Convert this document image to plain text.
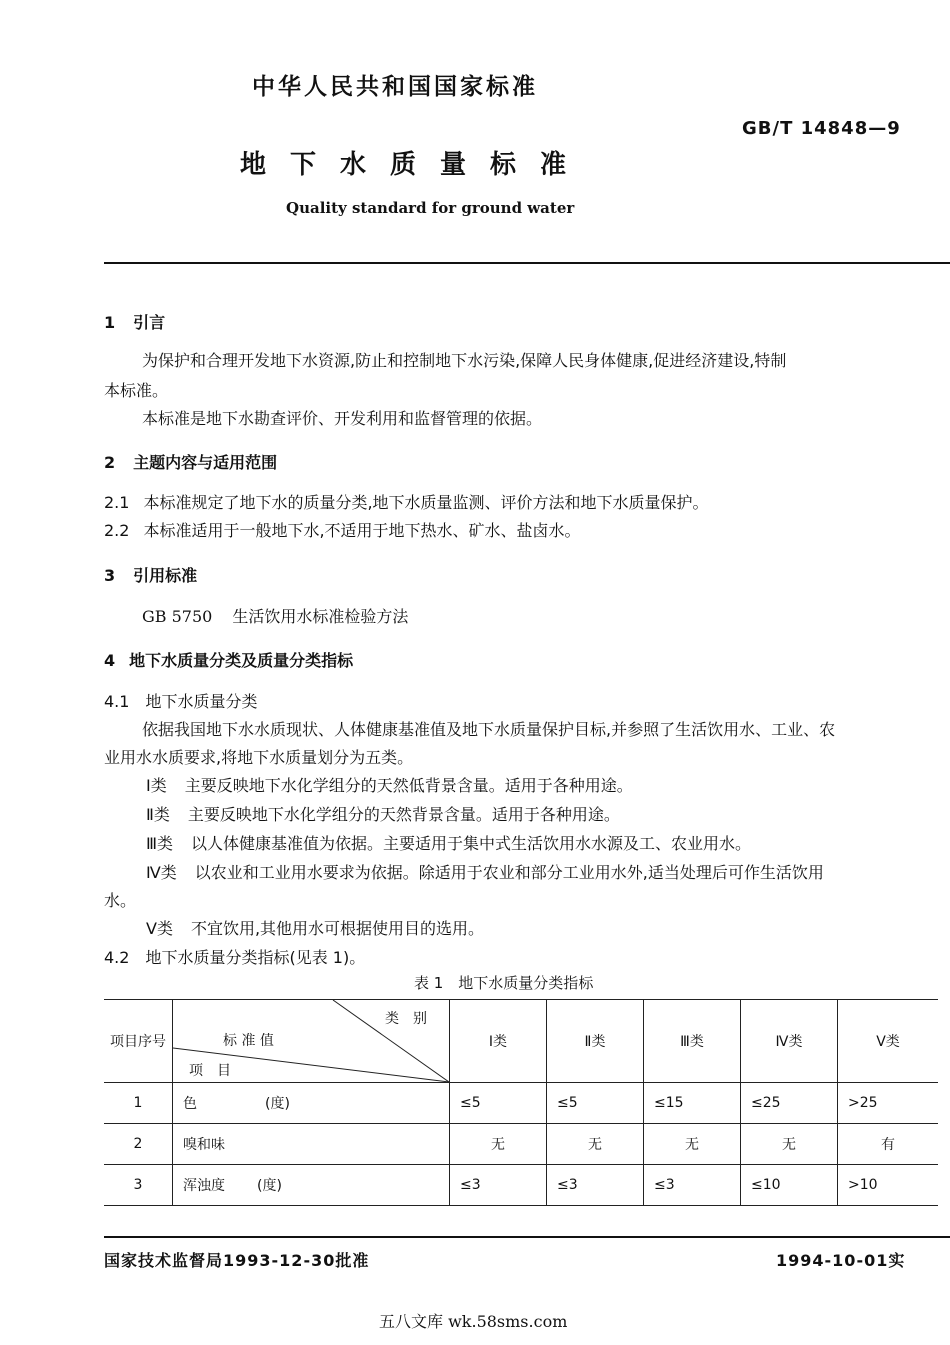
中华人民共和国国家标准
GB/T 14848—9
地下水质量标准
Quality standard for ground water
1 引言
为保护和合理开发地下水资源,防止和控制地下水污染,保障人民身体健康,促进经济建设,特制
本标准。
本标准是地下水勘查评价、开发利用和监督管理的依据。
2 主题内容与适用范围
2.1 本标准规定了地下水的质量分类,地下水质量监测、评价方法和地下水质量保护。
2.2 本标准适用于一般地下水,不适用于地下热水、矿水、盐卤水。
3 引用标准
GB 5750 生活饮用水标准检验方法
4 地下水质量分类及质量分类指标
4.1 地下水质量分类
依据我国地下水水质现状、人体健康基准值及地下水质量保护目标,并参照了生活饮用水、工业、农
业用水水质要求,将地下水质量划分为五类。
Ⅰ类 主要反映地下水化学组分的天然低背景含量。适用于各种用途。
Ⅱ类 主要反映地下水化学组分的天然背景含量。适用于各种用途。
Ⅲ类 以人体健康基准值为依据。主要适用于集中式生活饮用水水源及工、农业用水。
Ⅳ类 以农业和工业用水要求为依据。除适用于农业和部分工业用水外,适当处理后可作生活饮用
水。
Ⅴ类 不宜饮用,其他用水可根据使用目的选用。
4.2 地下水质量分类指标(见表 1)。
表 1　地下水质量分类指标
项目序号	类　别
标 准 值
项　目	Ⅰ类	Ⅱ类	Ⅲ类	Ⅳ类	Ⅴ类
1	色 (度)	≤5	≤5	≤15	≤25	>25
2	嗅和味	无	无	无	无	有
3	浑浊度 (度)	≤3	≤3	≤3	≤10	>10
国家技术监督局1993-12-30批准	1994-10-01实
五八文库 wk.58sms.com
